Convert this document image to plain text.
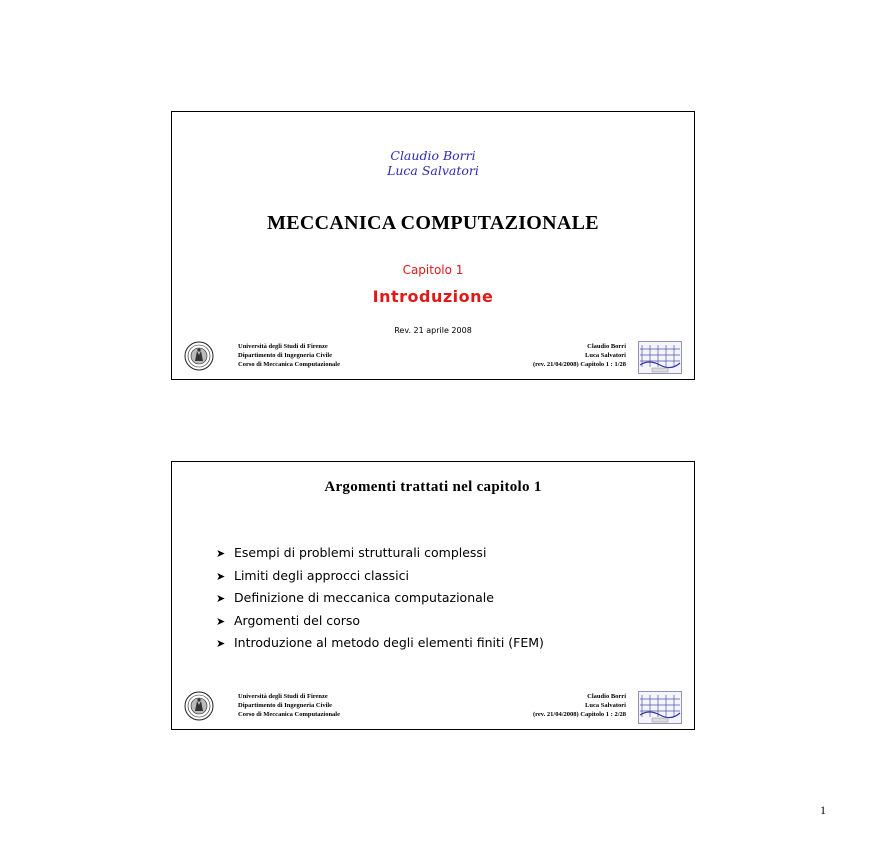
Claudio Borri
Luca Salvatori
MECCANICA COMPUTAZIONALE
Capitolo 1
Introduzione
Rev. 21 aprile 2008
Università degli Studi di Firenze
Dipartimento di Ingegneria Civile
Corso di Meccanica Computazionale
Claudio Borri
Luca Salvatori
(rev. 21/04/2008) Capitolo 1 : 1/28
Argomenti trattati nel capitolo 1
➤ Esempi di problemi strutturali complessi
➤ Limiti degli approcci classici
➤ Definizione di meccanica computazionale
➤ Argomenti del corso
➤ Introduzione al metodo degli elementi finiti (FEM)
Università degli Studi di Firenze
Dipartimento di Ingegneria Civile
Corso di Meccanica Computazionale
Claudio Borri
Luca Salvatori
(rev. 21/04/2008) Capitolo 1 : 2/28
1
